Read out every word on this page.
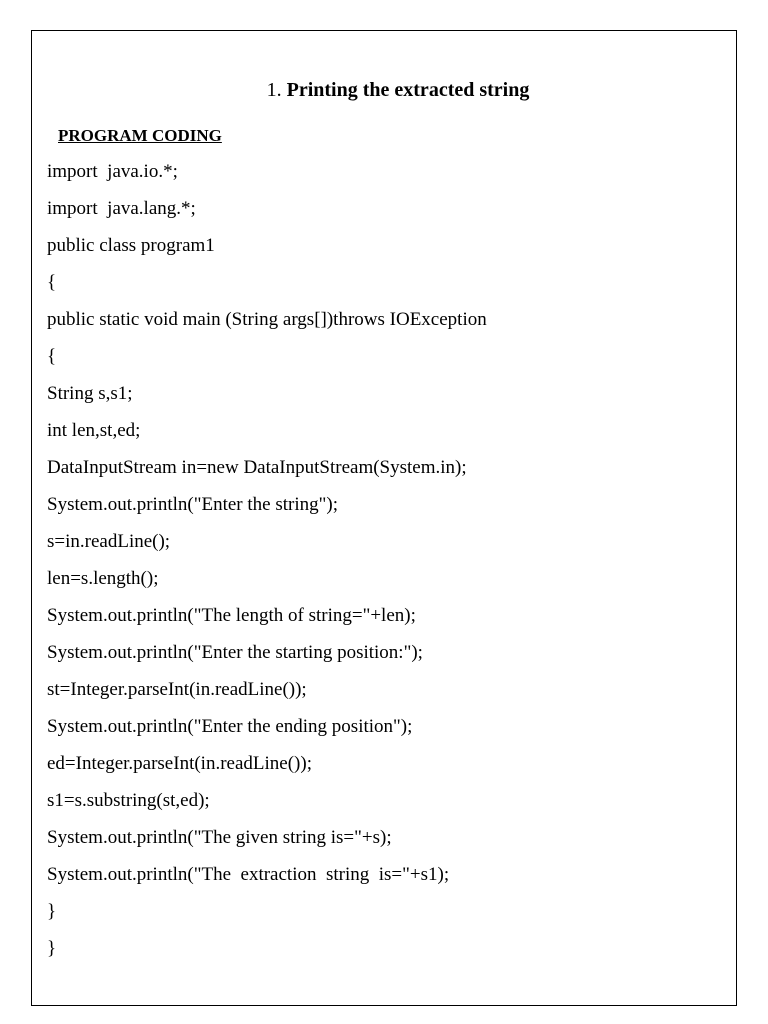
1. Printing the extracted string
PROGRAM CODING
import  java.io.*;
import  java.lang.*;
public class program1
{
public static void main (String args[])throws IOException
{
String s,s1;
int len,st,ed;
DataInputStream in=new DataInputStream(System.in);
System.out.println("Enter the string");
s=in.readLine();
len=s.length();
System.out.println("The length of string="+len);
System.out.println("Enter the starting position:");
st=Integer.parseInt(in.readLine());
System.out.println("Enter the ending position");
ed=Integer.parseInt(in.readLine());
s1=s.substring(st,ed);
System.out.println("The given string is="+s);
System.out.println("The  extraction  string  is="+s1);
}
}
